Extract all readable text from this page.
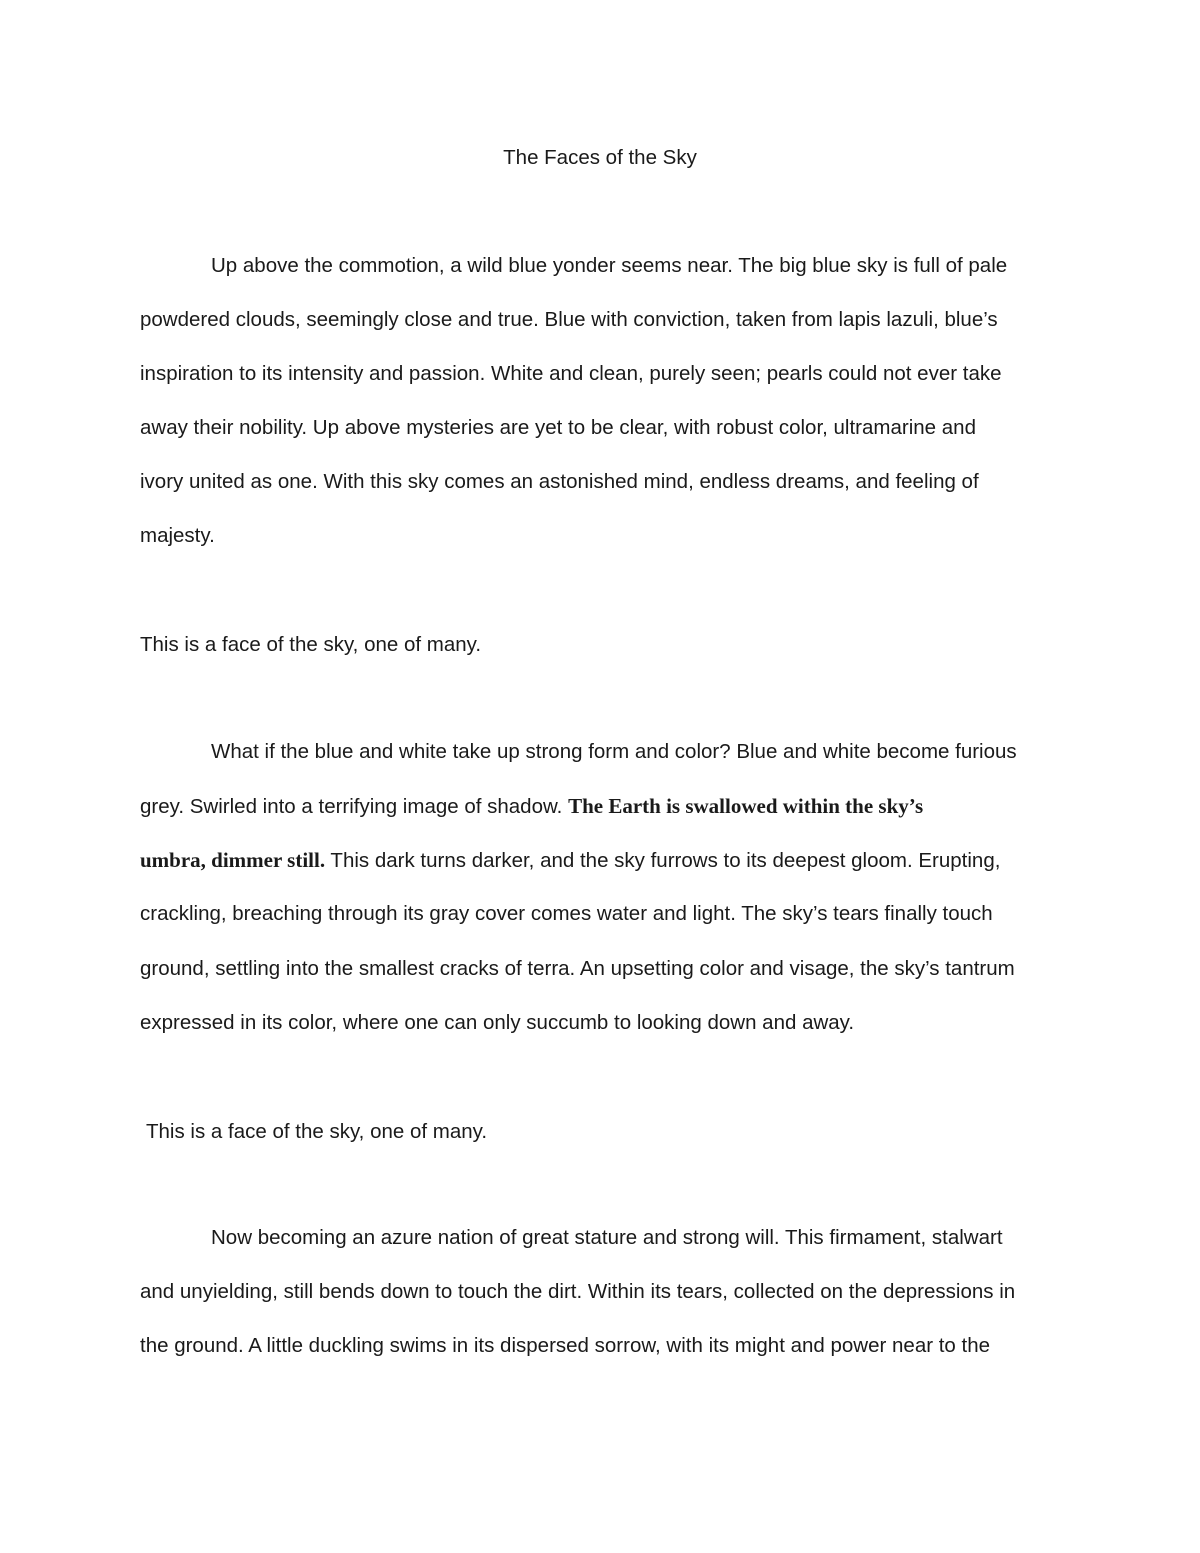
The Faces of the Sky

Up above the commotion, a wild blue yonder seems near. The big blue sky is full of pale

powdered clouds, seemingly close and true. Blue with conviction, taken from lapis lazuli, blue’s

inspiration to its intensity and passion. White and clean, purely seen; pearls could not ever take

away their nobility. Up above mysteries are yet to be clear, with robust color, ultramarine and

ivory united as one. With this sky comes an astonished mind, endless dreams, and feeling of

majesty.

This is a face of the sky, one of many.

What if the blue and white take up strong form and color? Blue and white become furious

grey. Swirled into a terrifying image of shadow. The Earth is swallowed within the sky’s

umbra, dimmer still. This dark turns darker, and the sky furrows to its deepest gloom. Erupting,

crackling, breaching through its gray cover comes water and light. The sky’s tears finally touch

ground, settling into the smallest cracks of terra. An upsetting color and visage, the sky’s tantrum

expressed in its color, where one can only succumb to looking down and away.

This is a face of the sky, one of many.

Now becoming an azure nation of great stature and strong will. This firmament, stalwart

and unyielding, still bends down to touch the dirt. Within its tears, collected on the depressions in

the ground. A little duckling swims in its dispersed sorrow, with its might and power near to the
